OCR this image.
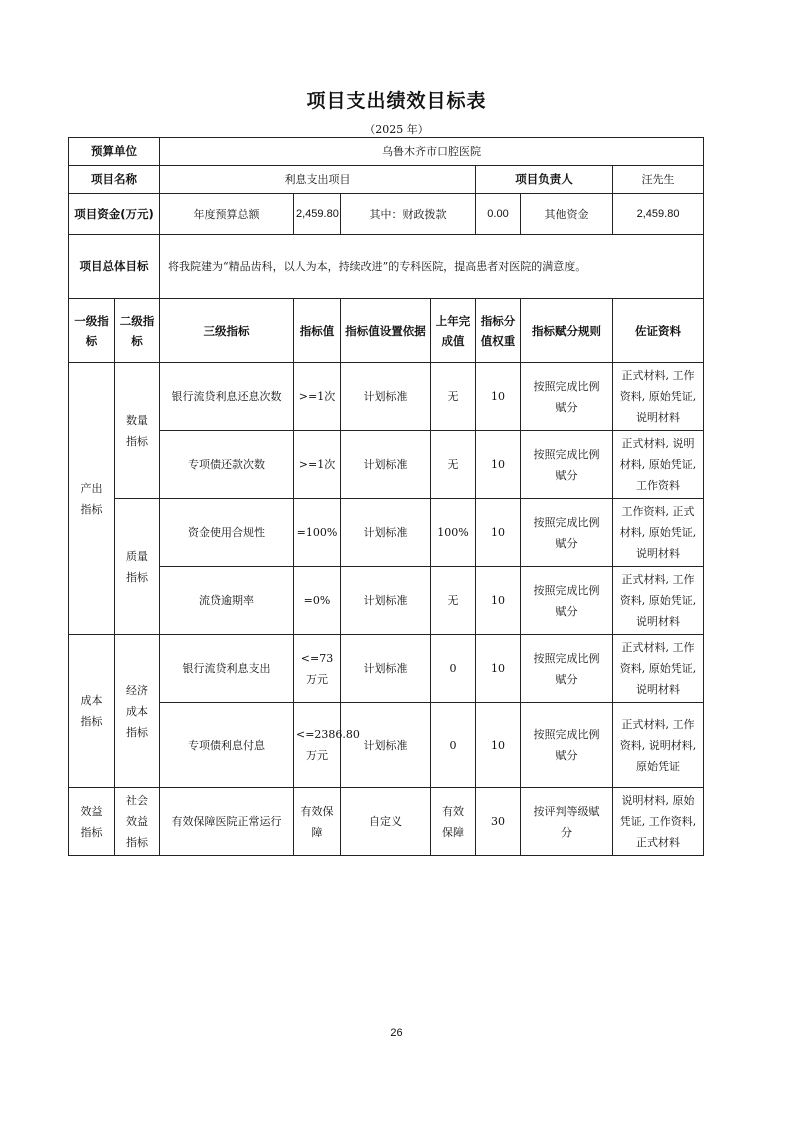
项目支出绩效目标表
（2025 年）
预算单位		乌鲁木齐市口腔医院						
项目名称		利息支出项目				项目负责人		汪先生
项目资金(万元)		年度预算总额	2,459.80	其中：财政拨款		0.00	其他资金	2,459.80
项目总体目标		将我院建为“精品齿科，以人为本，持续改进”的专科医院，提高患者对医院的满意度。						
一级指标	二级指标	三级指标	指标值	指标值设置依据	上年完成值	指标分值权重	指标赋分规则	佐证资料
产出指标	数量指标	银行流贷利息还息次数	>=1次	计划标准	无	10	按照完成比例赋分	正式材料, 工作资料, 原始凭证, 说明材料
		专项债还款次数	>=1次	计划标准	无	10	按照完成比例赋分	正式材料, 说明材料, 原始凭证, 工作资料
	质量指标	资金使用合规性	=100%	计划标准	100%	10	按照完成比例赋分	工作资料, 正式材料, 原始凭证, 说明材料
		流贷逾期率	=0%	计划标准	无	10	按照完成比例赋分	正式材料, 工作资料, 原始凭证, 说明材料
成本指标	经济成本指标	银行流贷利息支出	<=73万元	计划标准	0	10	按照完成比例赋分	正式材料, 工作资料, 原始凭证, 说明材料
		专项债利息付息	<=2386.80万元	计划标准	0	10	按照完成比例赋分	正式材料, 工作资料, 说明材料, 原始凭证
效益指标	社会效益指标	有效保障医院正常运行	有效保障	自定义	有效保障	30	按评判等级赋分	说明材料, 原始凭证, 工作资料, 正式材料
26
